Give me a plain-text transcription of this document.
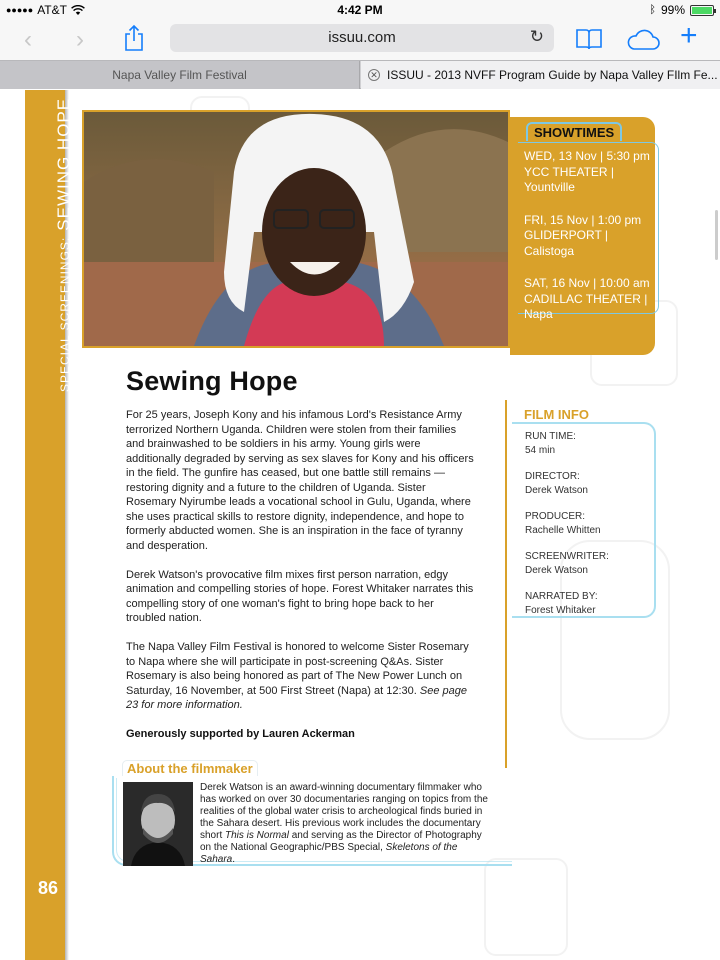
●●●●● AT&T	4:42 PM	ᛒ 99%
‹ ›	issuu.com	↻	+
Napa Valley Film Festival	✕ ISSUU - 2013 NVFF Program Guide by Napa Valley FIlm Fe...
SPECIAL SCREENINGS:SEWING HOPE
86
SHOWTIMES
WED, 13 Nov | 5:30 pm
YCC THEATER |
Yountville
FRI, 15 Nov | 1:00 pm
GLIDERPORT | Calistoga
SAT, 16 Nov | 10:00 am
CADILLAC THEATER |
Napa
Sewing Hope

For 25 years, Joseph Kony and his infamous Lord's Resistance Army terrorized Northern Uganda. Children were stolen from their families and brainwashed to be soldiers in his army. Young girls were additionally degraded by serving as sex slaves for Kony and his officers in the field. The gunfire has ceased, but one battle still remains — restoring dignity and a future to the children of Uganda. Sister Rosemary Nyirumbe leads a vocational school in Gulu, Uganda, where she uses practical skills to restore dignity, independence, and hope to formerly abducted women. She is an inspiration in the face of tyranny and desperation.

Derek Watson's provocative film mixes first person narration, edgy animation and compelling stories of hope. Forest Whitaker narrates this compelling story of one woman's fight to bring hope back to her troubled nation.

The Napa Valley Film Festival is honored to welcome Sister Rosemary to Napa where she will participate in post-screening Q&As. Sister Rosemary is also being honored as part of The New Power Lunch on Saturday, 16 November, at 500 First Street (Napa) at 12:30. See page 23 for more information.

Generously supported by Lauren Ackerman

FILM INFO
RUN TIME:
54 min
DIRECTOR:
Derek Watson
PRODUCER:
Rachelle Whitten
SCREENWRITER:
Derek Watson
NARRATED BY:
Forest Whitaker
About the filmmaker
Derek Watson is an award-winning documentary filmmaker who has worked on over 30 documentaries ranging on topics from the realities of the global water crisis to archeological finds buried in the Sahara desert. His previous work includes the documentary short This is Normal and serving as the Director of Photography on the National Geographic/PBS Special, Skeletons of the Sahara.
